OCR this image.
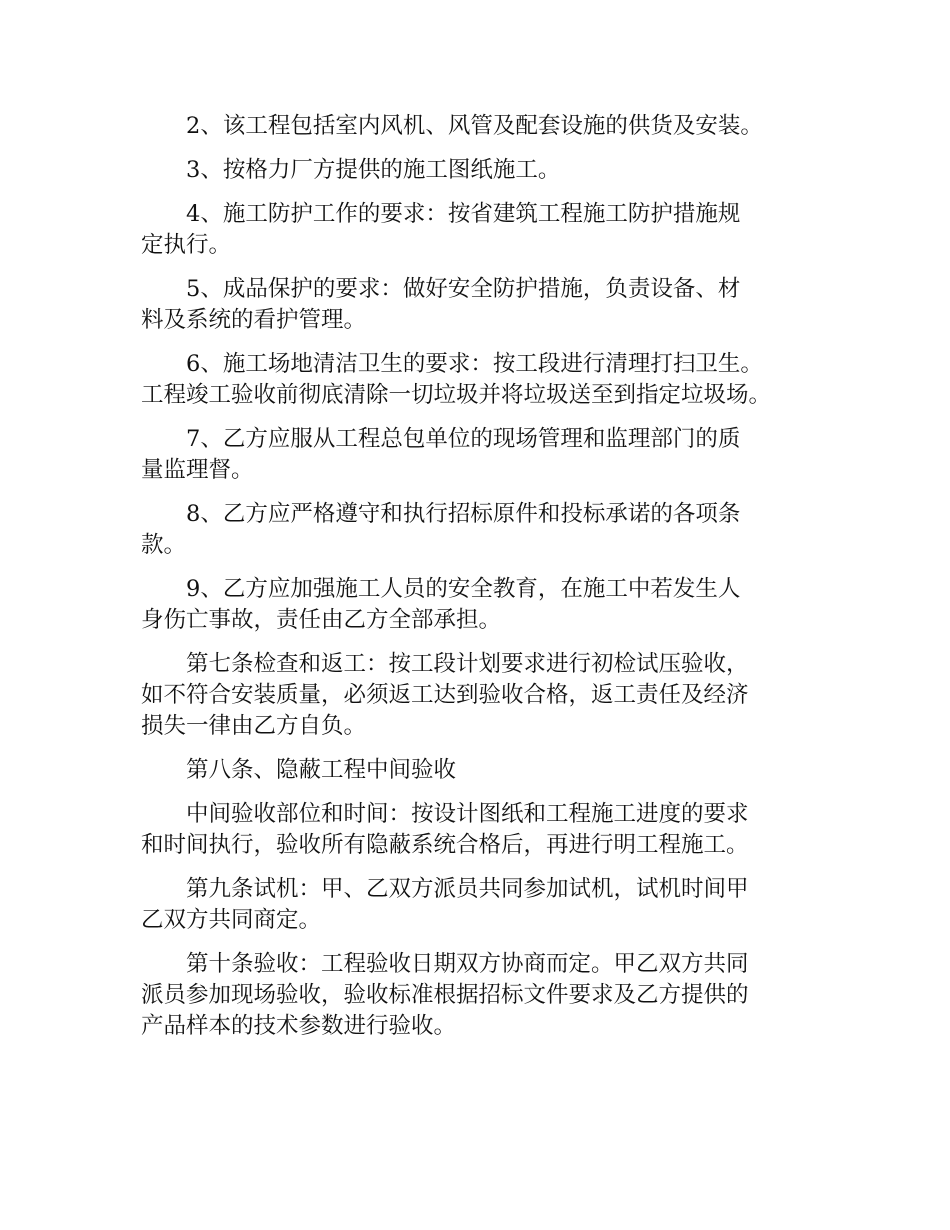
2、该工程包括室内风机、风管及配套设施的供货及安装。

3、按格力厂方提供的施工图纸施工。

4、施工防护工作的要求：按省建筑工程施工防护措施规
定执行。

5、成品保护的要求：做好安全防护措施，负责设备、材
料及系统的看护管理。

6、施工场地清洁卫生的要求：按工段进行清理打扫卫生。
工程竣工验收前彻底清除一切垃圾并将垃圾送至到指定垃圾场。

7、乙方应服从工程总包单位的现场管理和监理部门的质
量监理督。

8、乙方应严格遵守和执行招标原件和投标承诺的各项条
款。

9、乙方应加强施工人员的安全教育，在施工中若发生人
身伤亡事故，责任由乙方全部承担。

第七条检查和返工：按工段计划要求进行初检试压验收，
如不符合安装质量，必须返工达到验收合格，返工责任及经济
损失一律由乙方自负。

第八条、隐蔽工程中间验收

中间验收部位和时间：按设计图纸和工程施工进度的要求
和时间执行，验收所有隐蔽系统合格后，再进行明工程施工。

第九条试机：甲、乙双方派员共同参加试机，试机时间甲
乙双方共同商定。

第十条验收：工程验收日期双方协商而定。甲乙双方共同
派员参加现场验收，验收标准根据招标文件要求及乙方提供的
产品样本的技术参数进行验收。
